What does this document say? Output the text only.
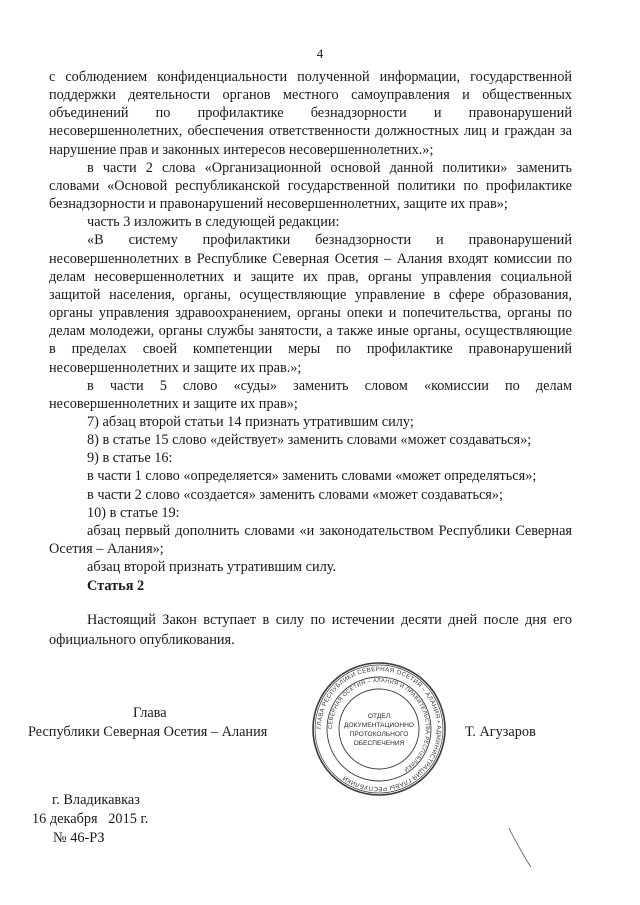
4

с соблюдением конфиденциальности полученной информации, государственной поддержки деятельности органов местного самоуправления и общественных объединений по профилактике безнадзорности и правонарушений несовершеннолетних, обеспечения ответственности должностных лиц и граждан за нарушение прав и законных интересов несовершеннолетних.»;

в части 2 слова «Организационной основой данной политики» заменить словами «Основой республиканской государственной политики по профилактике безнадзорности и правонарушений несовершеннолетних, защите их прав»;

часть 3 изложить в следующей редакции:

«В систему профилактики безнадзорности и правонарушений несовершеннолетних в Республике Северная Осетия – Алания входят комиссии по делам несовершеннолетних и защите их прав, органы управления социальной защитой населения, органы, осуществляющие управление в сфере образования, органы управления здравоохранением, органы опеки и попечительства, органы по делам молодежи, органы службы занятости, а также иные органы, осуществляющие в пределах своей компетенции меры по профилактике правонарушений несовершеннолетних и защите их прав.»;

в части 5 слово «суды» заменить словом «комиссии по делам несовершеннолетних и защите их прав»;

7) абзац второй статьи 14 признать утратившим силу;

8) в статье 15 слово «действует» заменить словами «может создаваться»;

9) в статье 16:

в части 1 слово «определяется» заменить словами «может определяться»;

в части 2 слово «создается» заменить словами «может создаваться»;

10) в статье 19:

абзац первый дополнить словами «и законодательством Республики Северная Осетия – Алания»;

абзац второй признать утратившим силу.

Статья 2

Настоящий Закон вступает в силу по истечении десяти дней после дня его официального опубликования.

Глава
Республики Северная Осетия – Алания	Т. Агузаров
ГЛАВА РЕСПУБЛИКИ СЕВЕРНАЯ ОСЕТИЯ – АЛАНИЯ • АДМИНИСТРАЦИЯ ГЛАВЫ РЕСПУБЛИКИ
СЕВЕРНАЯ ОСЕТИЯ – АЛАНИЯ И ПРАВИТЕЛЬСТВА РЕСПУБЛИКИ
ОТДЕЛ
ДОКУМЕНТАЦИОННО
ПРОТОКОЛЬНОГО
ОБЕСПЕЧЕНИЯ
г. Владикавказ
16 декабря   2015 г.
№ 46-РЗ
